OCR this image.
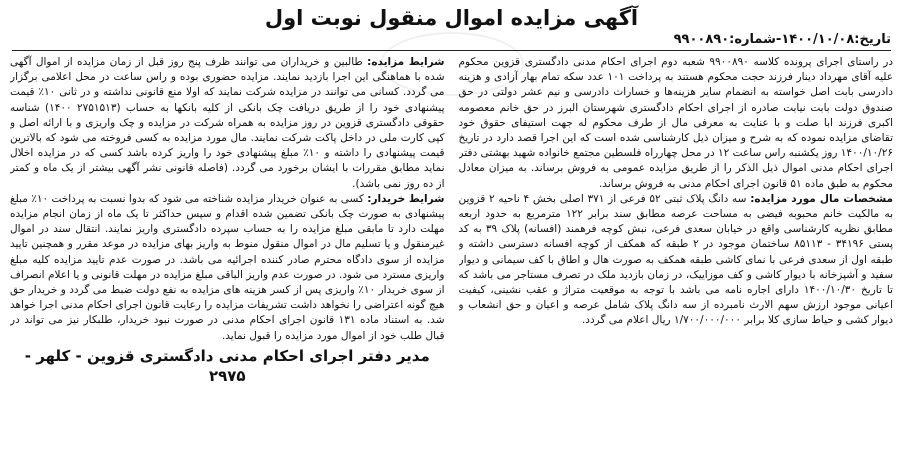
آگهی مزایده اموال منقول نوبت اول
تاریخ:۱۴۰۰/۱۰/۰۸-شماره:۹۹۰۰۸۹۰

در راستای اجرای پرونده کلاسه ۹۹۰۰۸۹۰ شعبه دوم اجرای احکام مدنی دادگستری قزوین محکوم علیه آقای مهرداد دینار فرزند حجت محکوم هستند به پرداخت ۱۰۱ عدد سکه تمام بهار آزادی و هزینه دادرسی بابت اصل خواسته به انضمام سایر هزینه‌ها و خسارات دادرسی و نیم عشر دولتی در حق صندوق دولت بابت نیابت صادره از اجرای احکام دادگستری شهرستان البرز در حق خانم معصومه اکبری فرزند ابا صلت و با عنایت به معرفی مال از طرف محکوم له جهت استیفای حقوق خود تقاضای مزایده نموده که به شرح و میزان ذیل کارشناسی شده است که این اجرا قصد دارد در تاریخ ۱۴۰۰/۱۰/۲۶ روز یکشنبه راس ساعت ۱۲ در محل چهارراه فلسطین مجتمع خانواده شهید بهشتی دفتر اجرای احکام مدنی اموال ذیل الذکر را از طریق مزایده عمومی به فروش برساند. به میزان معادل محکوم به طبق ماده ۵۱ قانون اجرای احکام مدنی به فروش برساند.

مشخصات مال مورد مزایده: سه دانگ پلاک ثبتی ۵۲ فرعی از ۳۷۱ اصلی بخش ۴ ناحیه ۲ قزوین به مالکیت خانم محبوبه فیضی به مساحت عرصه مطابق سند برابر ۱۲۲ مترمربع به حدود اربعه مطابق نظریه کارشناسی واقع در خیابان سعدی فرعی، نبش کوچه فرهمند (افسانه) پلاک ۳۹ به کد پستی ۳۴۱۹۶ - ۸۵۱۱۳ ساختمان موجود در ۲ طبقه که همکف از کوچه افسانه دسترسی داشته و طبقه اول از سعدی فرعی با نمای کاشی طبقه همکف به صورت هال و اطاق با کف سیمانی و دیوار سفید و آشپزخانه با دیوار کاشی و کف موزاییک، در زمان بازدید ملک در تصرف مستاجر می باشد که تا تاریخ ۱۴۰۰/۱۰/۳۰ دارای اجاره نامه می باشد با توجه به موقعیت متراژ و عقب نشینی، کیفیت اعیانی موجود ارزش سهم الارث نامبرده از سه دانگ پلاک شامل عرصه و اعیان و حق انشعاب و دیوار کشی و حیاط سازی کلا برابر ۱/۷۰۰/۰۰۰/۰۰۰ ریال اعلام می گردد.

شرایط مزایده: طالبین و خریداران می توانند ظرف پنج روز قبل از زمان مزایده از اموال آگهی شده با هماهنگی این اجرا بازدید نمایند. مزایده حضوری بوده و راس ساعت در محل اعلامی برگزار می گردد. کسانی می توانند در مزایده شرکت نمایند که اولا منع قانونی نداشته و در ثانی ۱۰٪ قیمت پیشنهادی خود را از طریق دریافت چک بانکی از کلیه بانکها به حساب (۲۷۵۱۵۱۳ ۱۴۰۰) شناسه حقوقی دادگستری قزوین در روز مزایده به همراه شرکت در مزایده و چک واریزی و با ارائه اصل و کپی کارت ملی در داخل پاکت شرکت نمایند. مال مورد مزایده به کسی فروخته می شود که بالاترین قیمت پیشنهادی را داشته و ۱۰٪ مبلغ پیشنهادی خود را واریز کرده باشد کسی که در مزایده اخلال نماید مطابق مقررات با ایشان برخورد می گردد. (فاصله قانونی نشر آگهی بیشتر از یک ماه و کمتر از ده روز نمی باشد).

شرایط خریدار: کسی به عنوان خریدار مزایده شناخته می شود که بدوا نسبت به پرداخت ۱۰٪ مبلغ پیشنهادی به صورت چک بانکی تضمین شده اقدام و سپس حداکثر تا یک ماه از زمان انجام مزایده مهلت دارد تا مابقی مبلغ مزایده را به حساب سپرده دادگستری واریز نمایند. انتقال سند در اموال غیرمنقول و یا تسلیم مال در اموال منقول منوط به واریز بهای مزایده در موعد مقرر و همچنین تایید مزایده از سوی دادگاه محترم صادر کننده اجرائیه می باشد. در صورت عدم تایید مزایده کلیه مبلغ واریزی مسترد می شود. در صورت عدم واریز الباقی مبلغ مزایده در مهلت قانونی و یا اعلام انصراف از سوی خریدار ۱۰٪ واریزی پس از کسر هزینه های مزایده به نفع دولت ضبط می گردد و خریدار حق هیچ گونه اعتراضی را نخواهد داشت تشریفات مزایده را رعایت قانون اجرای احکام مدنی اجرا خواهد شد. به استناد ماده ۱۳۱ قانون اجرای احکام مدنی در صورت نبود خریدار، طلبکار نیز می تواند در قبال طلب خود از اموال مورد مزایده را قبول نماید.

مدیر دفتر اجرای احکام مدنی دادگستری قزوین - کلهر - ۲۹۷۵
